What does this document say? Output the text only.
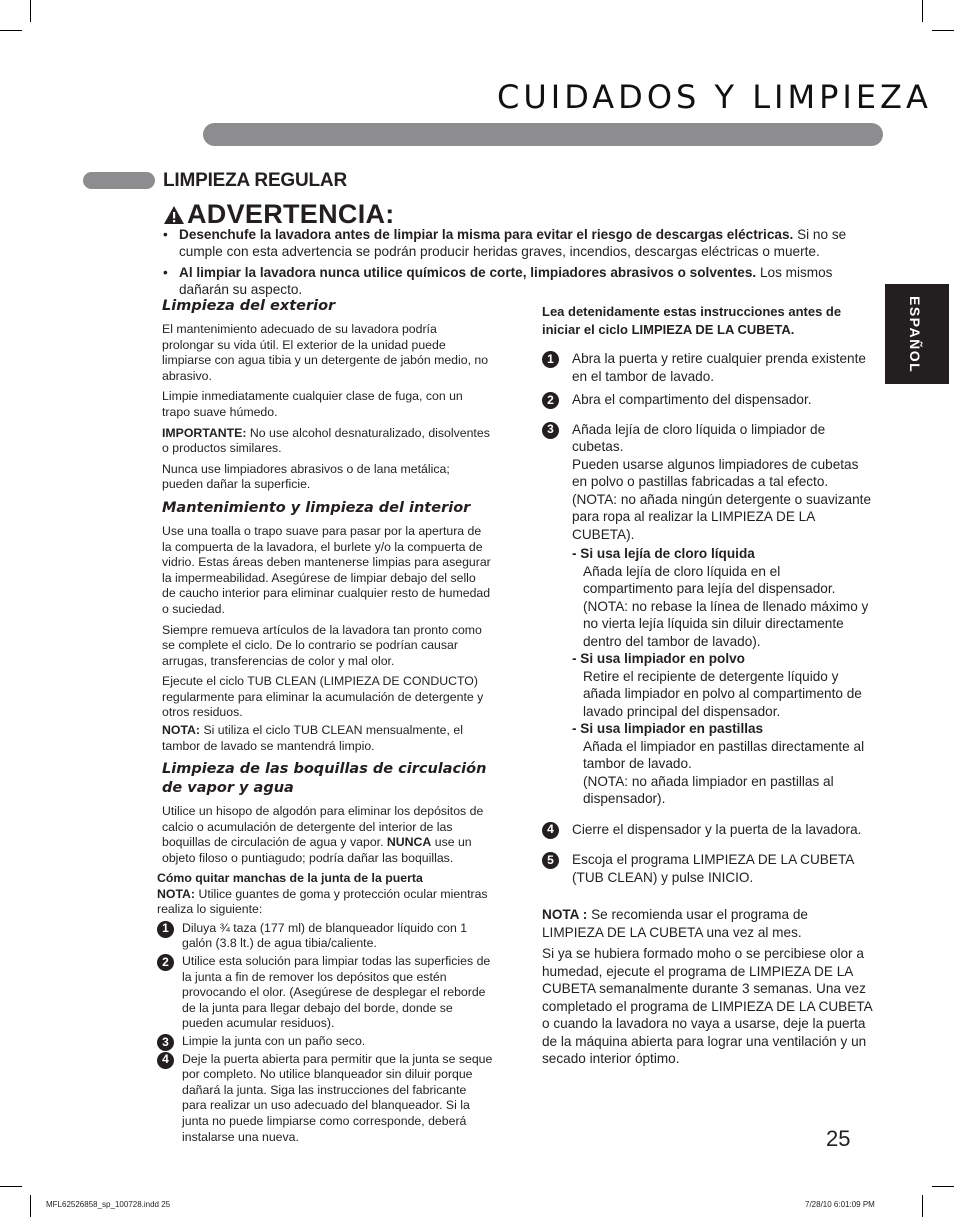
CUIDADOS Y LIMPIEZA
LIMPIEZA REGULAR
ADVERTENCIA:
• Desenchufe la lavadora antes de limpiar la misma para evitar el riesgo de descargas eléctricas. Si no se cumple con esta advertencia se podrán producir heridas graves, incendios, descargas eléctricas o muerte.
• Al limpiar la lavadora nunca utilice químicos de corte, limpiadores abrasivos o solventes. Los mismos dañarán su aspecto.
ESPAÑOL
Limpieza del exterior

El mantenimiento adecuado de su lavadora podría prolongar su vida útil. El exterior de la unidad puede limpiarse con agua tibia y un detergente de jabón medio, no abrasivo.

Limpie inmediatamente cualquier clase de fuga, con un trapo suave húmedo.

IMPORTANTE: No use alcohol desnaturalizado, disolventes o productos similares.

Nunca use limpiadores abrasivos o de lana metálica; pueden dañar la superficie.

Mantenimiento y limpieza del interior

Use una toalla o trapo suave para pasar por la apertura de la compuerta de la lavadora, el burlete y/o la compuerta de vidrio. Estas áreas deben mantenerse limpias para asegurar la impermeabilidad. Asegúrese de limpiar debajo del sello de caucho interior para eliminar cualquier resto de humedad o suciedad.

Siempre remueva artículos de la lavadora tan pronto como se complete el ciclo. De lo contrario se podrían causar arrugas, transferencias de color y mal olor.

Ejecute el ciclo TUB CLEAN (LIMPIEZA DE CONDUCTO) regularmente para eliminar la acumulación de detergente y otros residuos.

NOTA: Si utiliza el ciclo TUB CLEAN mensualmente, el tambor de lavado se mantendrá limpio.

Limpieza de las boquillas de circulación de vapor y agua

Utilice un hisopo de algodón para eliminar los depósitos de calcio o acumulación de detergente del interior de las boquillas de circulación de agua y vapor. NUNCA use un objeto filoso o puntiagudo; podría dañar las boquillas.

Cómo quitar manchas de la junta de la puerta
NOTA: Utilice guantes de goma y protección ocular mientras realiza lo siguiente:
1	Diluya ¾ taza (177 ml) de blanqueador líquido con 1 galón (3.8 lt.) de agua tibia/caliente.
2	Utilice esta solución para limpiar todas las superficies de la junta a fin de remover los depósitos que estén provocando el olor. (Asegúrese de desplegar el reborde de la junta para llegar debajo del borde, donde se pueden acumular residuos).
3	Limpie la junta con un paño seco.
4	Deje la puerta abierta para permitir que la junta se seque por completo. No utilice blanqueador sin diluir porque dañará la junta. Siga las instrucciones del fabricante para realizar un uso adecuado del blanqueador. Si la junta no puede limpiarse como corresponde, deberá instalarse una nueva.

Lea detenidamente estas instrucciones antes de iniciar el ciclo LIMPIEZA DE LA CUBETA.

1	Abra la puerta y retire cualquier prenda existente en el tambor de lavado.
2	Abra el compartimento del dispensador.
3	Añada lejía de cloro líquida o limpiador de cubetas.
Pueden usarse algunos limpiadores de cubetas en polvo o pastillas fabricadas a tal efecto.
(NOTA: no añada ningún detergente o suavizante para ropa al realizar la LIMPIEZA DE LA CUBETA).
- Si usa lejía de cloro líquida
Añada lejía de cloro líquida en el compartimento para lejía del dispensador. (NOTA: no rebase la línea de llenado máximo y no vierta lejía líquida sin diluir directamente dentro del tambor de lavado).
- Si usa limpiador en polvo
Retire el recipiente de detergente líquido y añada limpiador en polvo al compartimento de lavado principal del dispensador.
- Si usa limpiador en pastillas
Añada el limpiador en pastillas directamente al tambor de lavado.
(NOTA: no añada limpiador en pastillas al dispensador).
4	Cierre el dispensador y la puerta de la lavadora.
5	Escoja el programa LIMPIEZA DE LA CUBETA (TUB CLEAN) y pulse INICIO.

NOTA : Se recomienda usar el programa de LIMPIEZA DE LA CUBETA una vez al mes.

Si ya se hubiera formado moho o se percibiese olor a humedad, ejecute el programa de LIMPIEZA DE LA CUBETA semanalmente durante 3 semanas. Una vez completado el programa de LIMPIEZA DE LA CUBETA o cuando la lavadora no vaya a usarse, deje la puerta de la máquina abierta para lograr una ventilación y un secado interior óptimo.

25
MFL62526858_sp_100728.indd 25	7/28/10 6:01:09 PM
